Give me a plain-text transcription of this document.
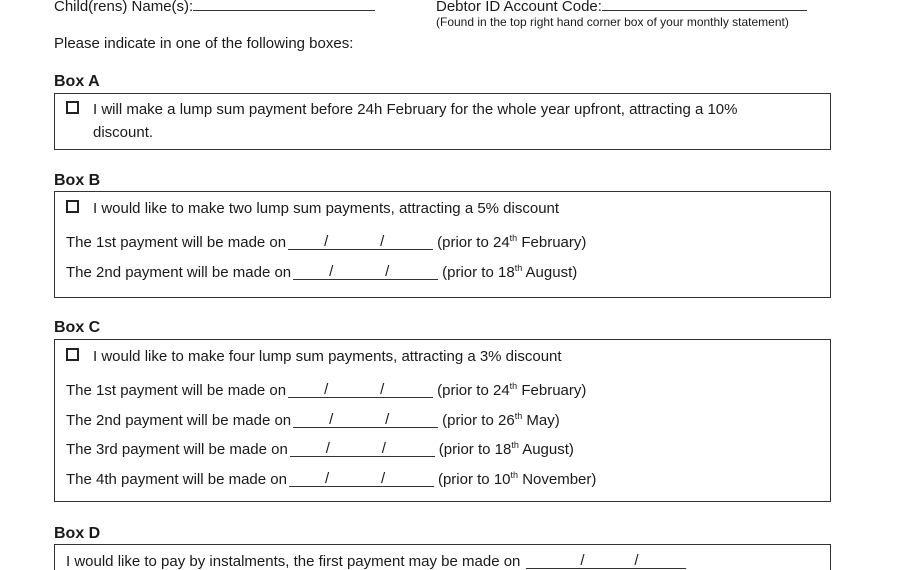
Child(rens) Name(s):	Debtor ID Account Code:
(Found in the top right hand corner box of your monthly statement)
Please indicate in one of the following boxes:
Box A
I will make a lump sum payment before 24h February for the whole year upfront, attracting a 10%
discount.
Box B
I would like to make two lump sum payments, attracting a 5% discount
The 1st payment will be made on	/	/	(prior to 24th February)
The 2nd payment will be made on	/	/	(prior to 18th August)
Box C
I would like to make four lump sum payments, attracting a 3% discount
The 1st payment will be made on	/	/	(prior to 24th February)
The 2nd payment will be made on	/	/	(prior to 26th May)
The 3rd payment will be made on	/	/	(prior to 18th August)
The 4th payment will be made on	/	/	(prior to 10th November)
Box D
I would like to pay by instalments, the first payment may be made on	/	/
